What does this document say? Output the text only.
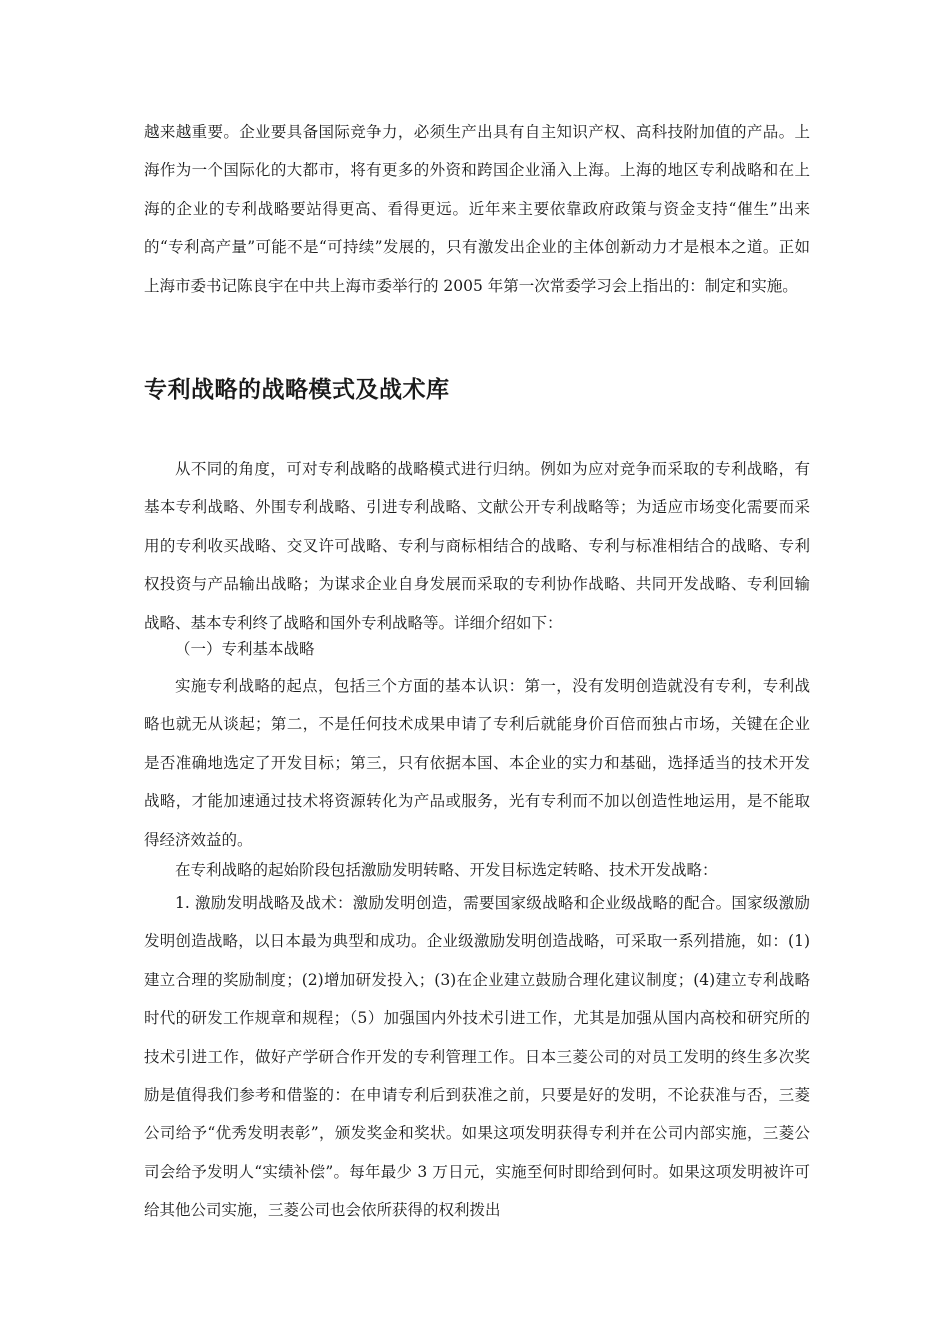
越来越重要。企业要具备国际竞争力，必须生产出具有自主知识产权、高科技附加值的产品。上海作为一个国际化的大都市，将有更多的外资和跨国企业涌入上海。上海的地区专利战略和在上海的企业的专利战略要站得更高、看得更远。近年来主要依靠政府政策与资金支持“催生”出来的“专利高产量”可能不是“可持续”发展的，只有激发出企业的主体创新动力才是根本之道。正如上海市委书记陈良宇在中共上海市委举行的 2005 年第一次常委学习会上指出的：制定和实施。

专利战略的战略模式及战术库

从不同的角度，可对专利战略的战略模式进行归纳。例如为应对竞争而采取的专利战略，有基本专利战略、外围专利战略、引进专利战略、文献公开专利战略等；为适应市场变化需要而采用的专利收买战略、交叉许可战略、专利与商标相结合的战略、专利与标准相结合的战略、专利权投资与产品输出战略；为谋求企业自身发展而采取的专利协作战略、共同开发战略、专利回输战略、基本专利终了战略和国外专利战略等。详细介绍如下：

（一）专利基本战略

实施专利战略的起点，包括三个方面的基本认识：第一，没有发明创造就没有专利，专利战略也就无从谈起；第二，不是任何技术成果申请了专利后就能身价百倍而独占市场，关键在企业是否准确地选定了开发目标；第三，只有依据本国、本企业的实力和基础，选择适当的技术开发战略，才能加速通过技术将资源转化为产品或服务，光有专利而不加以创造性地运用，是不能取得经济效益的。

在专利战略的起始阶段包括激励发明转略、开发目标选定转略、技术开发战略：

1. 激励发明战略及战术：激励发明创造，需要国家级战略和企业级战略的配合。国家级激励发明创造战略，以日本最为典型和成功。企业级激励发明创造战略，可采取一系列措施，如：(1)建立合理的奖励制度；(2)增加研发投入；(3)在企业建立鼓励合理化建议制度；(4)建立专利战略时代的研发工作规章和规程；（5）加强国内外技术引进工作，尤其是加强从国内高校和研究所的技术引进工作，做好产学研合作开发的专利管理工作。日本三菱公司的对员工发明的终生多次奖励是值得我们参考和借鉴的：在申请专利后到获准之前，只要是好的发明，不论获准与否，三菱公司给予“优秀发明表彰”，颁发奖金和奖状。如果这项发明获得专利并在公司内部实施，三菱公司会给予发明人“实绩补偿”。每年最少 3 万日元，实施至何时即给到何时。如果这项发明被许可给其他公司实施，三菱公司也会依所获得的权利拨出
